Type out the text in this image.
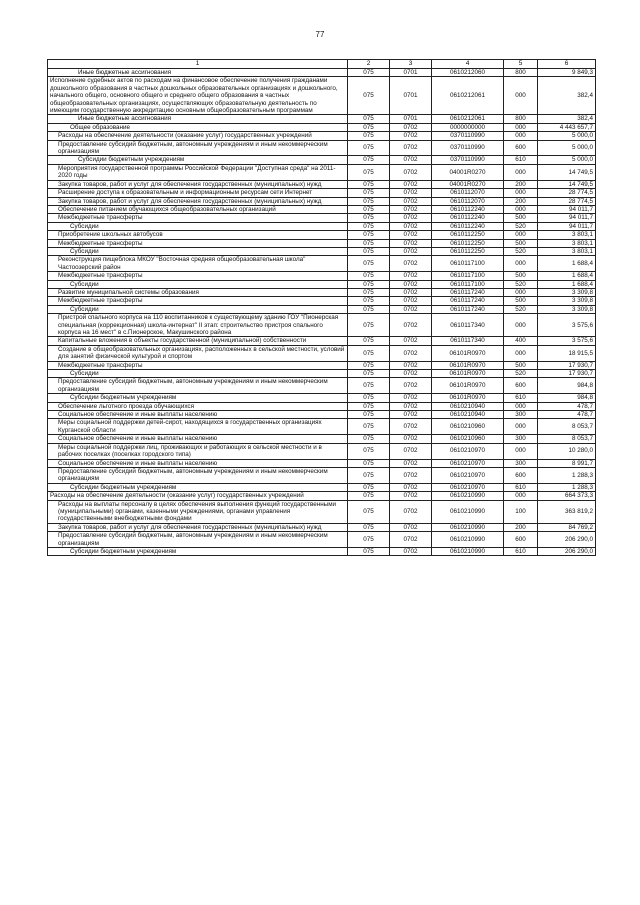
77
1	2	3	4	5	6
Иные бюджетные ассигнования	075	0701	0610212060	800	9 849,3
Исполнение судебных актов по расходам на финансовое обеспечение получения гражданами дошкольного образования в частных дошкольных образовательных организациях и дошкольного, начального общего, основного общего и среднего общего образования в частных общеобразовательных организациях, осуществляющих образовательную деятельность по имеющим государственную аккредитацию основным общеобразовательным программам	075	0701	0610212061	000	382,4
Иные бюджетные ассигнования	075	0701	0610212061	800	382,4
Общее образование	075	0702	0000000000	000	4 443 657,7
Расходы на обеспечение деятельности (оказание услуг) государственных учреждений	075	0702	0370110990	000	5 000,0
Предоставление субсидий бюджетным, автономным учреждениям и иным некоммерческим организациям	075	0702	0370110990	600	5 000,0
Субсидии бюджетным учреждениям	075	0702	0370110990	610	5 000,0
Мероприятия государственной программы Российской Федерации "Доступная среда" на 2011-2020 годы	075	0702	04001R0270	000	14 749,5
Закупка товаров, работ и услуг для обеспечения государственных (муниципальных) нужд	075	0702	04001R0270	200	14 749,5
Расширение доступа к образовательным и информационным ресурсам сети Интернет	075	0702	0610112070	000	28 774,5
Закупка товаров, работ и услуг для обеспечения государственных (муниципальных) нужд	075	0702	0610112070	200	28 774,5
Обеспечение питанием обучающихся общеобразовательных организаций	075	0702	0610112240	000	94 011,7
Межбюджетные трансферты	075	0702	0610112240	500	94 011,7
Субсидии	075	0702	0610112240	520	94 011,7
Приобретение школьных автобусов	075	0702	0610112250	000	3 803,1
Межбюджетные трансферты	075	0702	0610112250	500	3 803,1
Субсидии	075	0702	0610112250	520	3 803,1
Реконструкция пищеблока МКОУ "Восточная средняя общеобразовательная школа" Частоозерский район	075	0702	0610117100	000	1 688,4
Межбюджетные трансферты	075	0702	0610117100	500	1 688,4
Субсидии	075	0702	0610117100	520	1 688,4
Развитие муниципальной системы образования	075	0702	0610117240	000	3 309,8
Межбюджетные трансферты	075	0702	0610117240	500	3 309,8
Субсидии	075	0702	0610117240	520	3 309,8
Пристрой спального корпуса на 110 воспитанников к существующему зданию ГОУ "Пионерская специальная (коррекционная) школа-интернат" II этап: строительство пристроя спального корпуса на 16 мест" в с.Пионерское, Макушинского района	075	0702	0610117340	000	3 575,6
Капитальные вложения в объекты государственной (муниципальной) собственности	075	0702	0610117340	400	3 575,6
Создание в общеобразовательных организациях, расположенных в сельской местности, условий для занятий физической культурой и спортом	075	0702	06101R0970	000	18 915,5
Межбюджетные трансферты	075	0702	06101R0970	500	17 930,7
Субсидии	075	0702	06101R0970	520	17 930,7
Предоставление субсидий бюджетным, автономным учреждениям и иным некоммерческим организациям	075	0702	06101R0970	600	984,8
Субсидии бюджетным учреждениям	075	0702	06101R0970	610	984,8
Обеспечение льготного проезда обучающихся	075	0702	0610210940	000	478,7
Социальное обеспечение и иные выплаты населению	075	0702	0610210940	300	478,7
Меры социальной поддержки детей-сирот, находящихся в государственных организациях Курганской области	075	0702	0610210960	000	8 053,7
Социальное обеспечение и иные выплаты населению	075	0702	0610210960	300	8 053,7
Меры социальной поддержки лиц, проживающих и работающих в сельской местности и в рабочих поселках (поселках городского типа)	075	0702	0610210970	000	10 280,0
Социальное обеспечение и иные выплаты населению	075	0702	0610210970	300	8 991,7
Предоставление субсидий бюджетным, автономным учреждениям и иным некоммерческим организациям	075	0702	0610210970	600	1 288,3
Субсидии бюджетным учреждениям	075	0702	0610210970	610	1 288,3
Расходы на обеспечение деятельности (оказание услуг) государственных учреждений	075	0702	0610210990	000	664 373,3
Расходы на выплаты персоналу в целях обеспечения выполнения функций государственными (муниципальными) органами, казенными учреждениями, органами управления государственными внебюджетными фондами	075	0702	0610210990	100	363 819,2
Закупка товаров, работ и услуг для обеспечения государственных (муниципальных) нужд	075	0702	0610210990	200	84 769,2
Предоставление субсидий бюджетным, автономным учреждениям и иным некоммерческим организациям	075	0702	0610210990	600	206 290,0
Субсидии бюджетным учреждениям	075	0702	0610210990	610	206 290,0
